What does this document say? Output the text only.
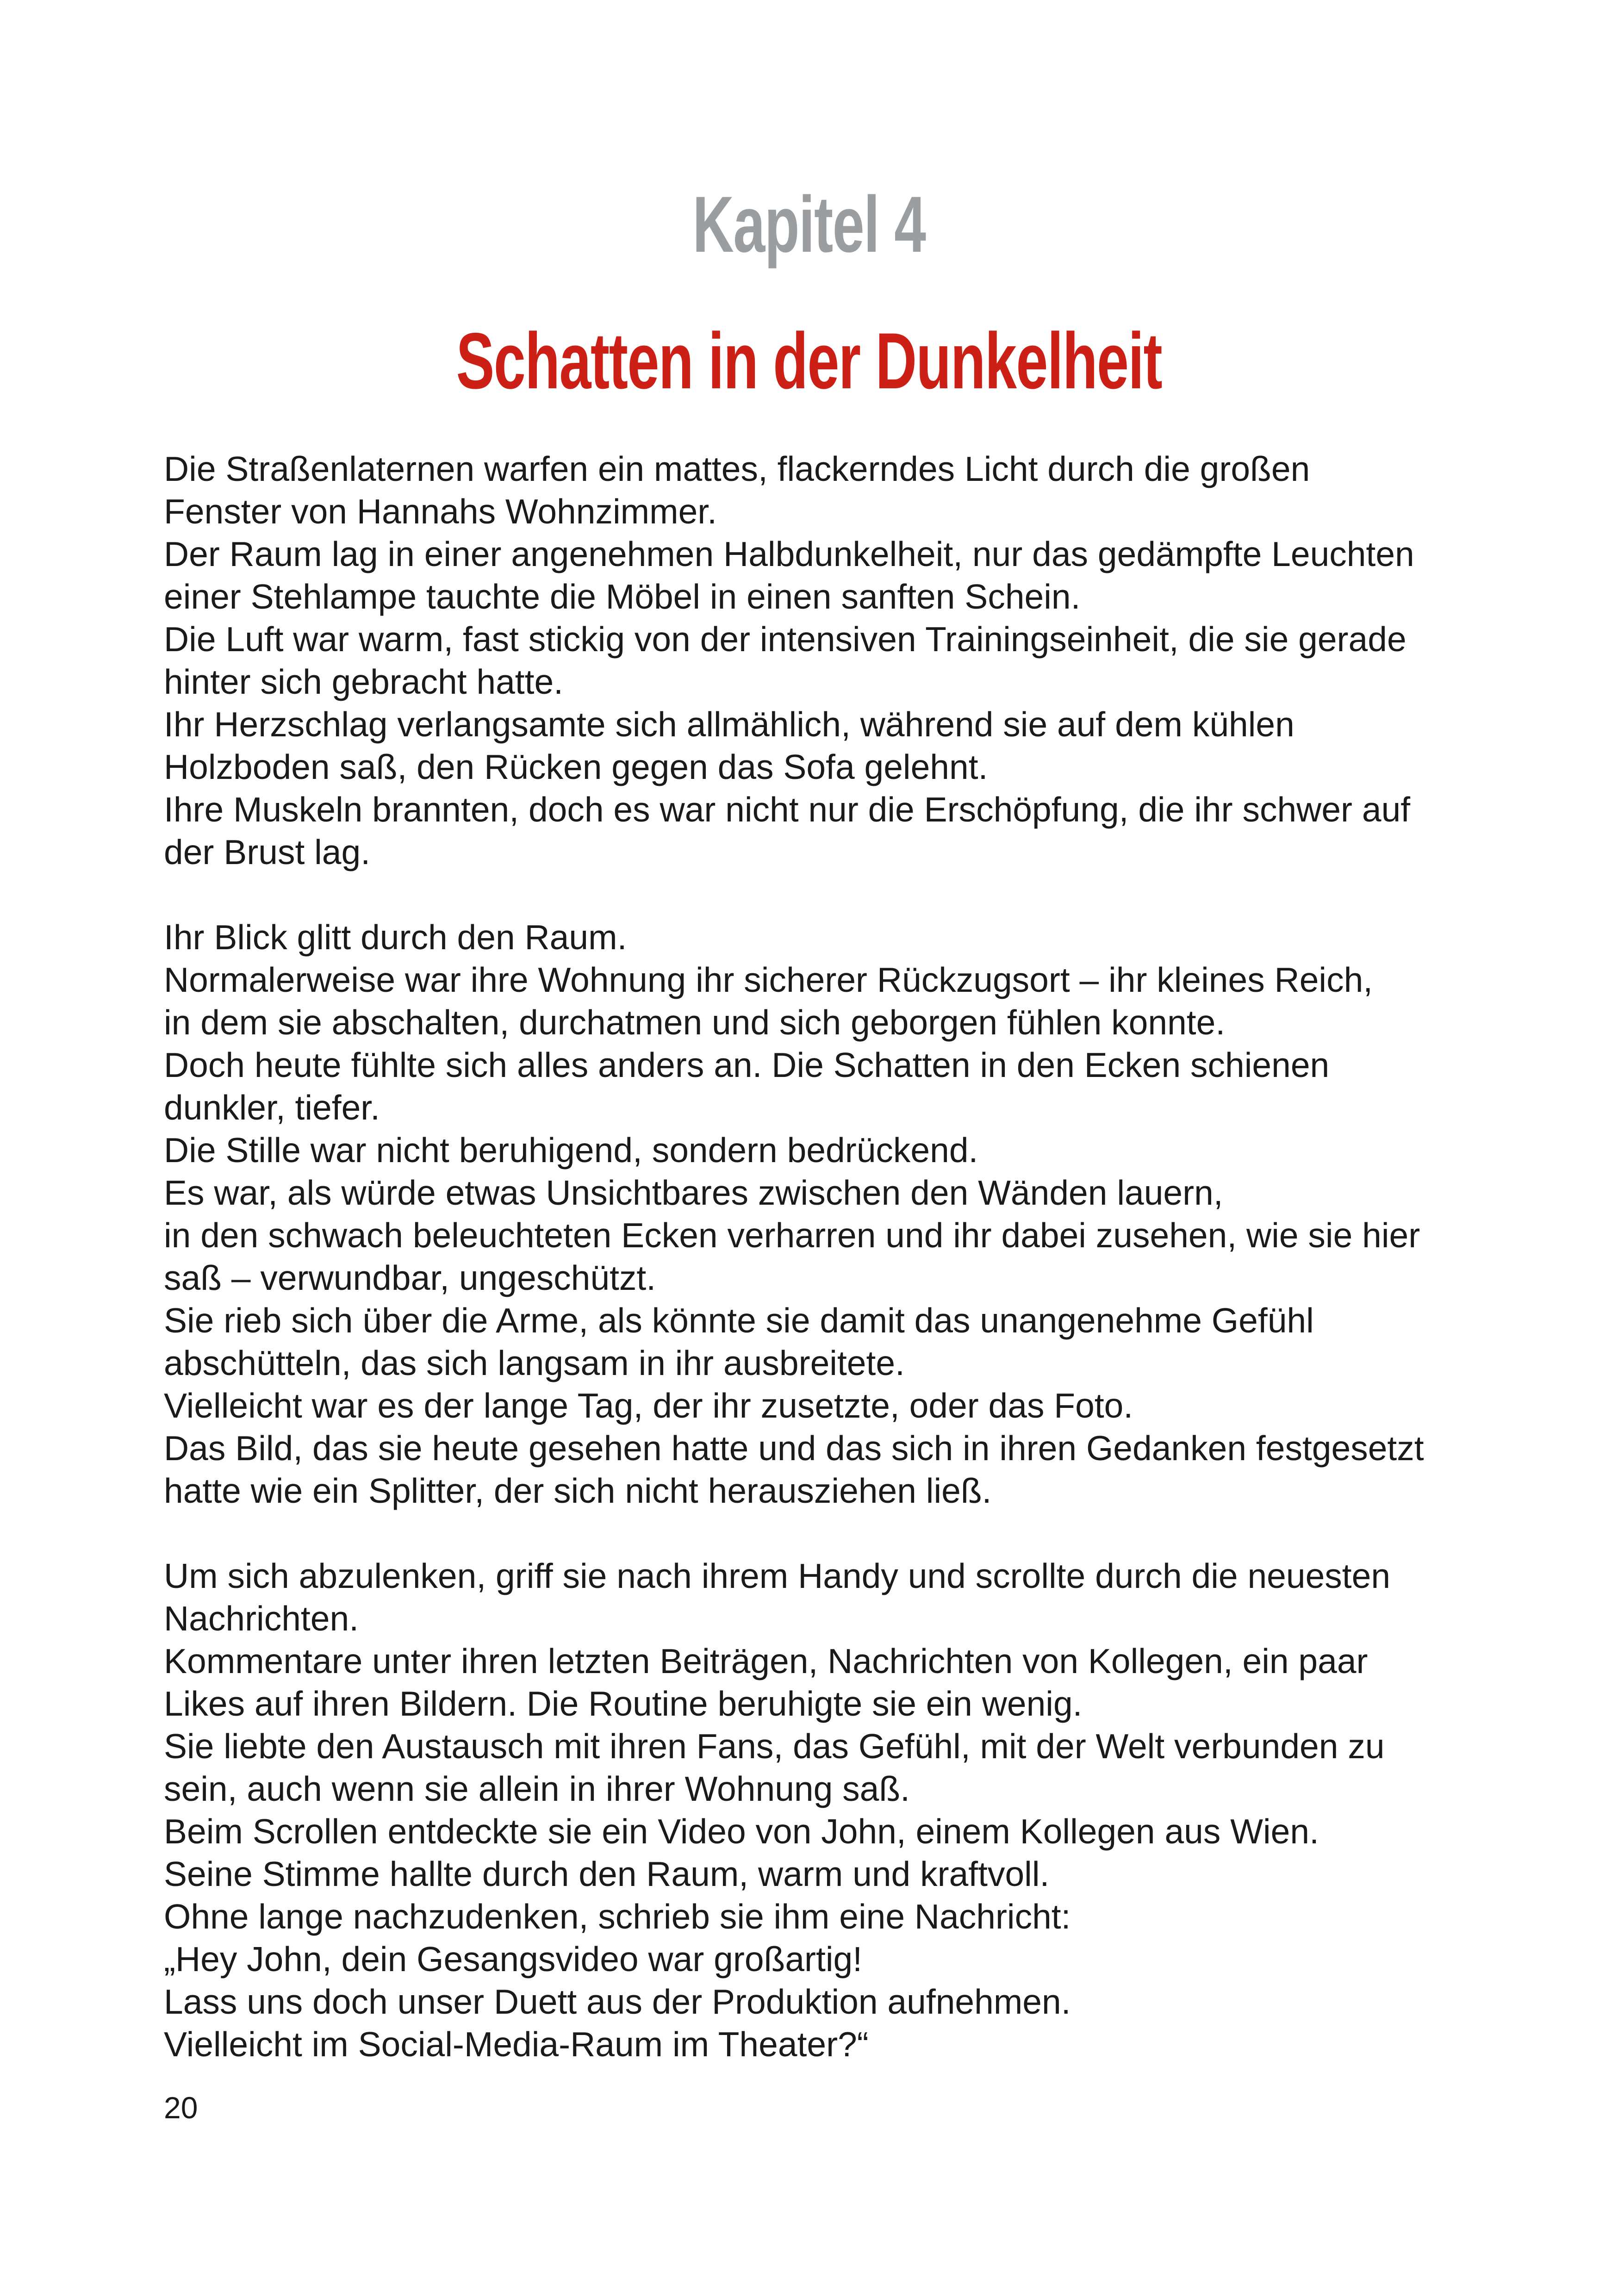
Kapitel 4
Schatten in der Dunkelheit
Die Straßenlaternen warfen ein mattes, flackerndes Licht durch die großen
Fenster von Hannahs Wohnzimmer.
Der Raum lag in einer angenehmen Halbdunkelheit, nur das gedämpfte Leuchten
einer Stehlampe tauchte die Möbel in einen sanften Schein.
Die Luft war warm, fast stickig von der intensiven Trainingseinheit, die sie gerade
hinter sich gebracht hatte.
Ihr Herzschlag verlangsamte sich allmählich, während sie auf dem kühlen
Holzboden saß, den Rücken gegen das Sofa gelehnt.
Ihre Muskeln brannten, doch es war nicht nur die Erschöpfung, die ihr schwer auf
der Brust lag.
Ihr Blick glitt durch den Raum.
Normalerweise war ihre Wohnung ihr sicherer Rückzugsort – ihr kleines Reich,
in dem sie abschalten, durchatmen und sich geborgen fühlen konnte.
Doch heute fühlte sich alles anders an. Die Schatten in den Ecken schienen
dunkler, tiefer.
Die Stille war nicht beruhigend, sondern bedrückend.
Es war, als würde etwas Unsichtbares zwischen den Wänden lauern,
in den schwach beleuchteten Ecken verharren und ihr dabei zusehen, wie sie hier
saß – verwundbar, ungeschützt.
Sie rieb sich über die Arme, als könnte sie damit das unangenehme Gefühl
abschütteln, das sich langsam in ihr ausbreitete.
Vielleicht war es der lange Tag, der ihr zusetzte, oder das Foto.
Das Bild, das sie heute gesehen hatte und das sich in ihren Gedanken festgesetzt
hatte wie ein Splitter, der sich nicht herausziehen ließ.
Um sich abzulenken, griff sie nach ihrem Handy und scrollte durch die neuesten
Nachrichten.
Kommentare unter ihren letzten Beiträgen, Nachrichten von Kollegen, ein paar
Likes auf ihren Bildern. Die Routine beruhigte sie ein wenig.
Sie liebte den Austausch mit ihren Fans, das Gefühl, mit der Welt verbunden zu
sein, auch wenn sie allein in ihrer Wohnung saß.
Beim Scrollen entdeckte sie ein Video von John, einem Kollegen aus Wien.
Seine Stimme hallte durch den Raum, warm und kraftvoll.
Ohne lange nachzudenken, schrieb sie ihm eine Nachricht:
„Hey John, dein Gesangsvideo war großartig!
Lass uns doch unser Duett aus der Produktion aufnehmen.
Vielleicht im Social-Media-Raum im Theater?“
20
